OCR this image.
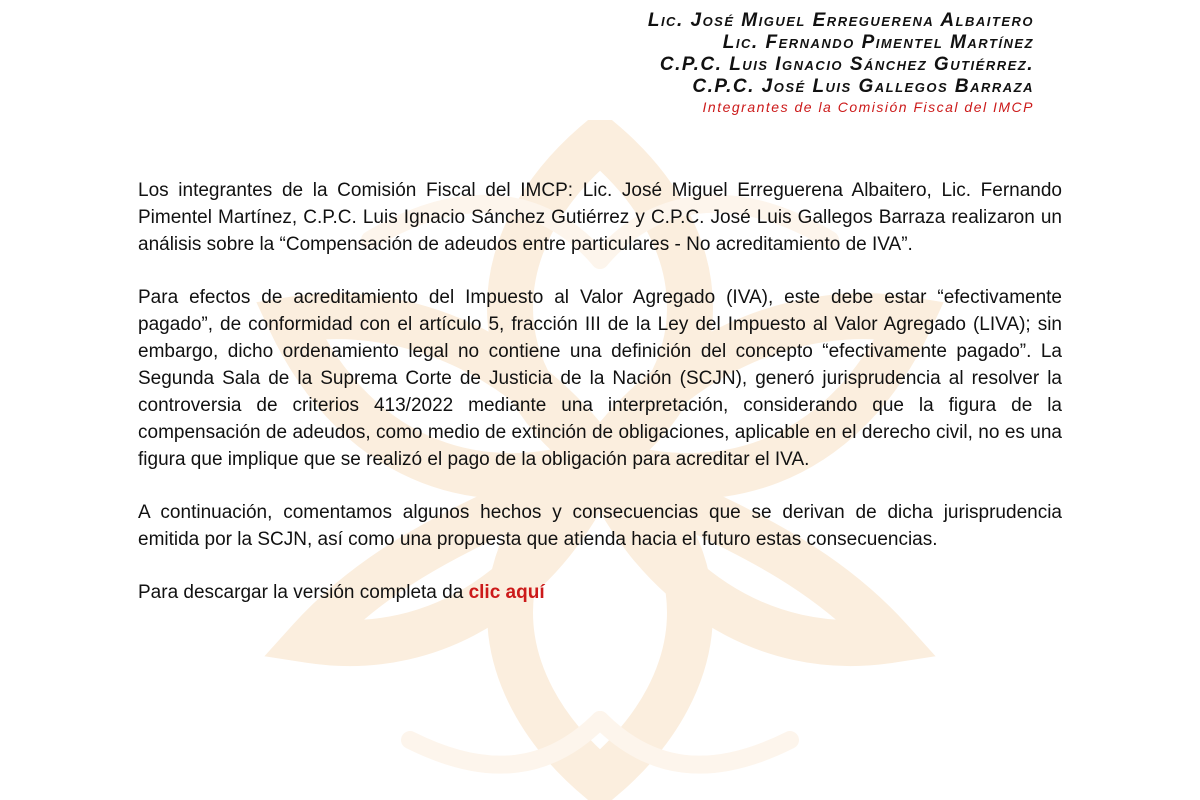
Lic. José Miguel Erreguerena Albaitero
Lic. Fernando Pimentel Martínez
C.P.C. Luis Ignacio Sánchez Gutiérrez.
C.P.C. José Luis Gallegos Barraza
Integrantes de la Comisión Fiscal del IMCP

Los integrantes de la Comisión Fiscal del IMCP: Lic. José Miguel Erreguerena Albaitero, Lic. Fernando Pimentel Martínez, C.P.C. Luis Ignacio Sánchez Gutiérrez y C.P.C. José Luis Gallegos Barraza realizaron un análisis sobre la “Compensación de adeudos entre particulares - No acreditamiento de IVA”.

Para efectos de acreditamiento del Impuesto al Valor Agregado (IVA), este debe estar “efectivamente pagado”, de conformidad con el artículo 5, fracción III de la Ley del Impuesto al Valor Agregado (LIVA); sin embargo, dicho ordenamiento legal no contiene una definición del concepto “efectivamente pagado”. La Segunda Sala de la Suprema Corte de Justicia de la Nación (SCJN), generó jurisprudencia al resolver la controversia de criterios 413/2022 mediante una interpretación, considerando que la figura de la compensación de adeudos, como medio de extinción de obligaciones, aplicable en el derecho civil, no es una figura que implique que se realizó el pago de la obligación para acreditar el IVA.

A continuación, comentamos algunos hechos y consecuencias que se derivan de dicha jurisprudencia emitida por la SCJN, así como una propuesta que atienda hacia el futuro estas consecuencias.

Para descargar la versión completa da clic aquí
